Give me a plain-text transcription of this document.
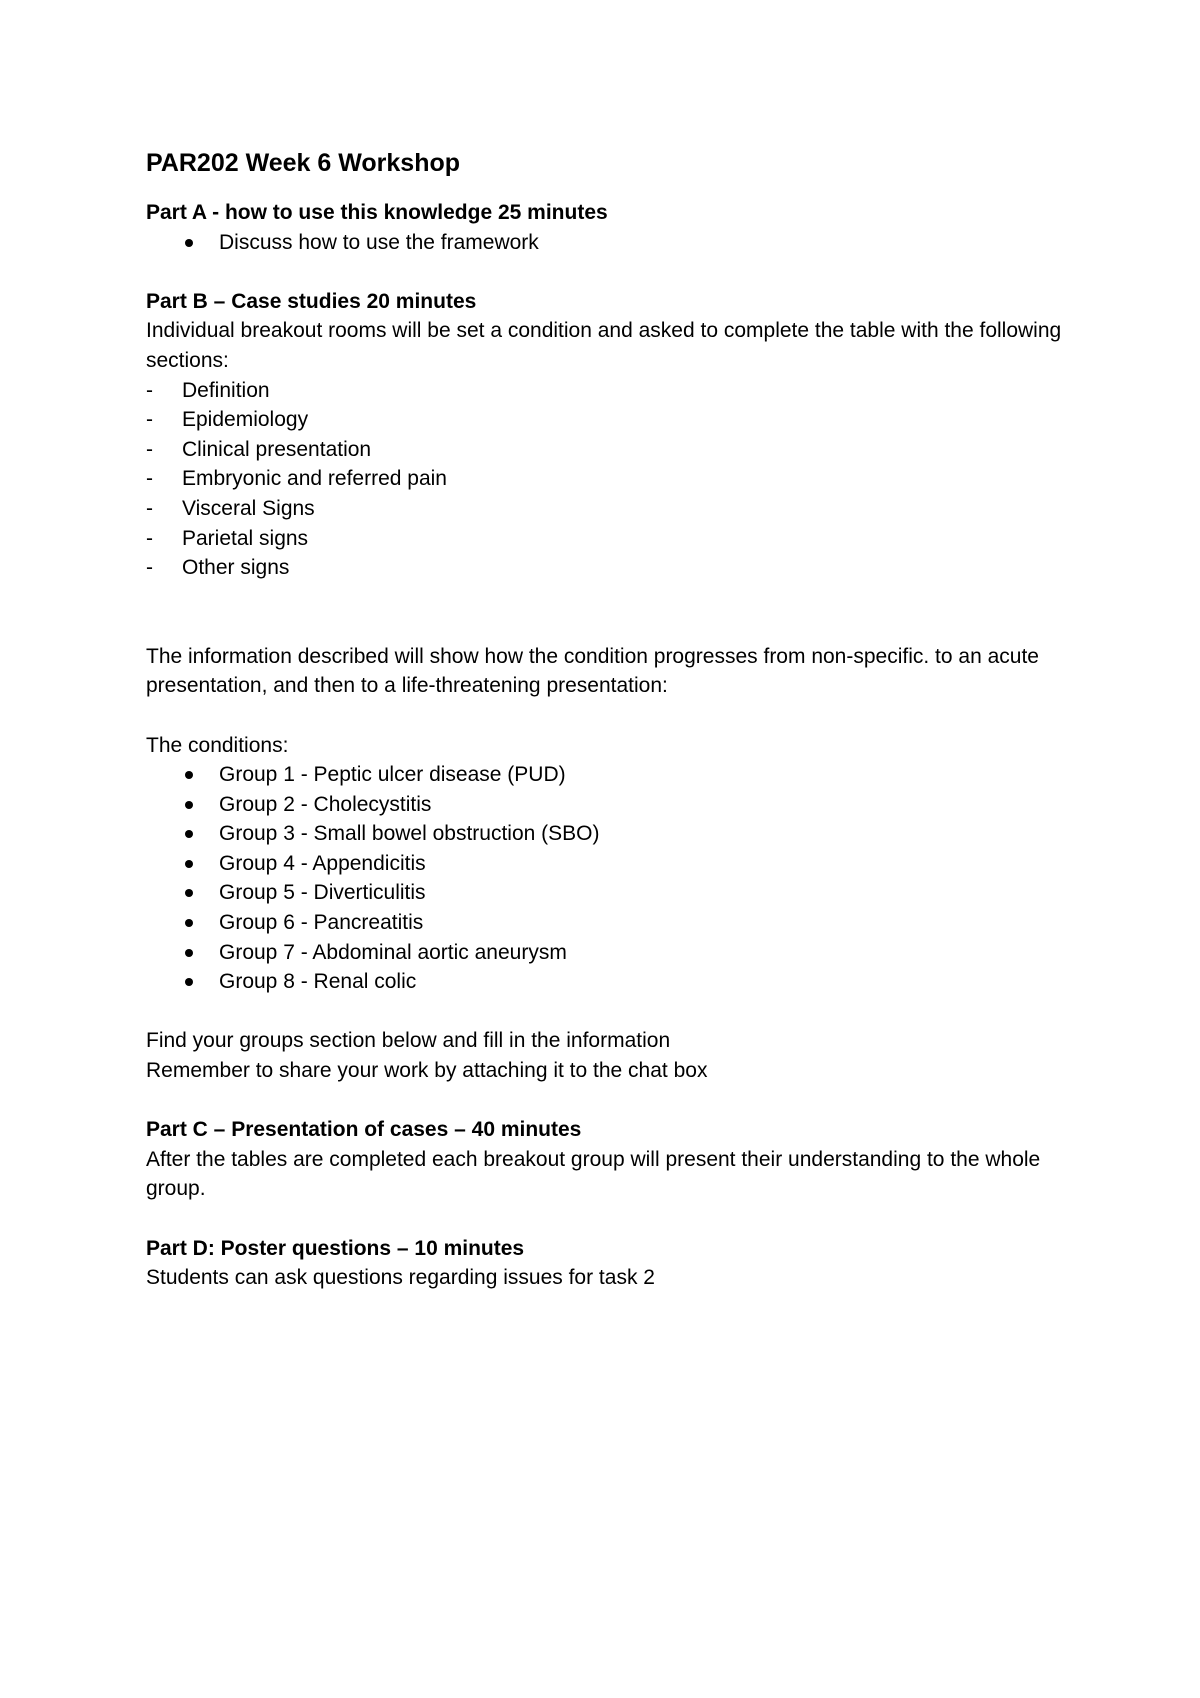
PAR202 Week 6 Workshop

Part A - how to use this knowledge 25 minutes

Discuss how to use the framework

Part B – Case studies 20 minutes

Individual breakout rooms will be set a condition and asked to complete the table with the following sections:

- Definition
- Epidemiology
- Clinical presentation
- Embryonic and referred pain
- Visceral Signs
- Parietal signs
- Other signs

The information described will show how the condition progresses from non-specific. to an acute presentation, and then to a life-threatening presentation:

The conditions:

Group 1 - Peptic ulcer disease (PUD)
Group 2 - Cholecystitis
Group 3 - Small bowel obstruction (SBO)
Group 4 - Appendicitis
Group 5 - Diverticulitis
Group 6 - Pancreatitis
Group 7 - Abdominal aortic aneurysm
Group 8 - Renal colic

Find your groups section below and fill in the information

Remember to share your work by attaching it to the chat box

Part C – Presentation of cases – 40 minutes

After the tables are completed each breakout group will present their understanding to the whole group.

Part D: Poster questions – 10 minutes

Students can ask questions regarding issues for task 2
